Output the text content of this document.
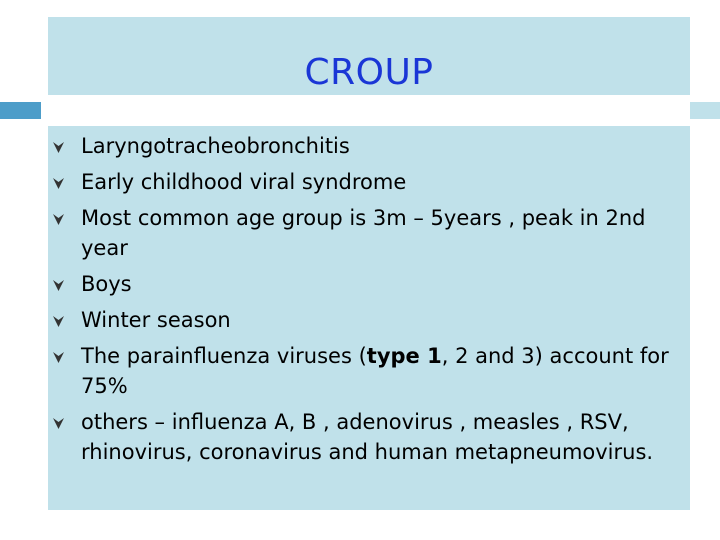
CROUP
Laryngotracheobronchitis
Early childhood viral syndrome
Most common age group is 3m – 5years , peak in 2nd year
Boys
Winter season
The parainfluenza viruses (type 1, 2 and 3) account for 75%
others – influenza A, B , adenovirus , measles , RSV, rhinovirus, coronavirus and human metapneumovirus.
